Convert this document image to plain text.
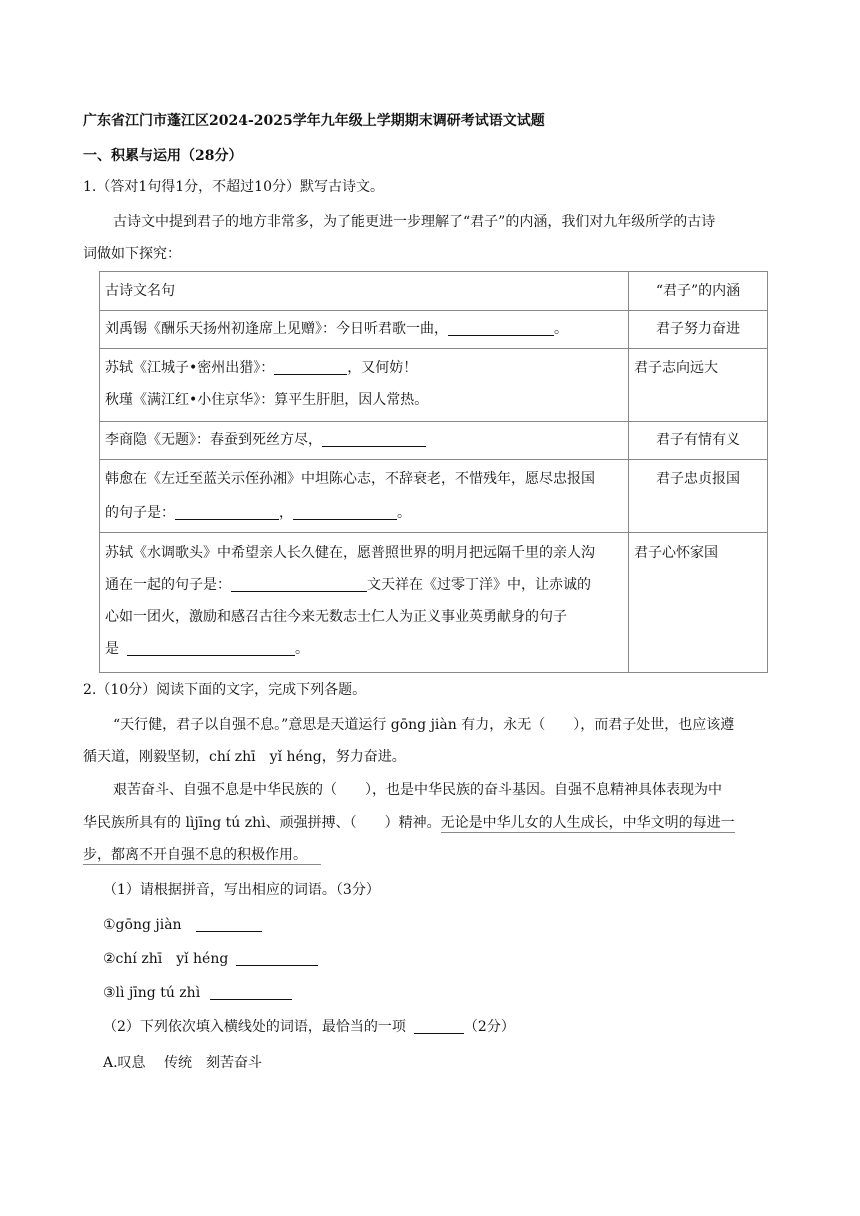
广东省江门市蓬江区2024-2025学年九年级上学期期末调研考试语文试题
一、积累与运用（28分）
1.（答对1句得1分，不超过10分）默写古诗文。
古诗文中提到君子的地方非常多，为了能更进一步理解了“君子”的内涵，我们对九年级所学的古诗
词做如下探究：
古诗文名句	“君子”的内涵

刘禹锡《酬乐天扬州初逢席上见赠》：今日听君歌一曲， 。	君子努力奋进

苏轼《江城子•密州出猎》： ，又何妨！
秋瑾《满江红•小住京华》：算平生肝胆，因人常热。	君子志向远大

李商隐《无题》：春蚕到死丝方尽，	君子有情有义

韩愈在《左迁至蓝关示侄孙湘》中坦陈心志，不辞衰老，不惜残年，愿尽忠报国
的句子是： ， 。	君子忠贞报国

苏轼《水调歌头》中希望亲人长久健在，愿普照世界的明月把远隔千里的亲人沟
通在一起的句子是： 文天祥在《过零丁洋》中，让赤诚的
心如一团火，激励和感召古往今来无数志士仁人为正义事业英勇献身的句子
是 。	君子心怀家国
2.（10分）阅读下面的文字，完成下列各题。
“天行健，君子以自强不息。”意思是天道运行 gōng jiàn 有力，永无（　　），而君子处世，也应该遵
循天道，刚毅坚韧，chí zhī　yǐ héng，努力奋进。
艰苦奋斗、自强不息是中华民族的（　　），也是中华民族的奋斗基因。自强不息精神具体表现为中
华民族所具有的 lìjīng tú zhì、顽强拼搏、（　　）精神。无论是中华儿女的人生成长，中华文明的每进一
步，都离不开自强不息的积极作用。
（1）请根据拼音，写出相应的词语。（3分）
①gōng jiàn
②chí zhī　yǐ héng
③lì jīng tú zhì
（2）下列依次填入横线处的词语，最恰当的一项	（2分）
A.叹息　 传统　刻苦奋斗
